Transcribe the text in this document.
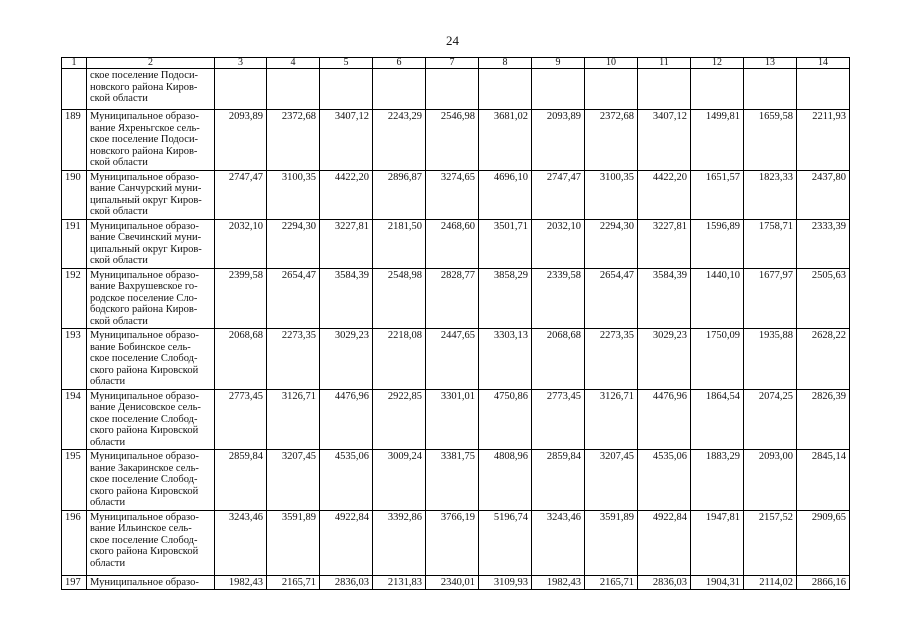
24
1	2	3	4	5	6	7	8	9	10	11	12	13	14

	ское поселение Подоси-
новского района Киров-
ской области												

189	Муниципальное образо-
вание Яхреньгское сель-
ское поселение Подоси-
новского района Киров-
ской области	2093,89	2372,68	3407,12	2243,29	2546,98	3681,02	2093,89	2372,68	3407,12	1499,81	1659,58	2211,93
190	Муниципальное образо-
вание Санчурский муни-
ципальный округ Киров-
ской области	2747,47	3100,35	4422,20	2896,87	3274,65	4696,10	2747,47	3100,35	4422,20	1651,57	1823,33	2437,80
191	Муниципальное образо-
вание Свечинский муни-
ципальный округ Киров-
ской области	2032,10	2294,30	3227,81	2181,50	2468,60	3501,71	2032,10	2294,30	3227,81	1596,89	1758,71	2333,39
192	Муниципальное образо-
вание Вахрушевское го-
родское поселение Сло-
бодского района Киров-
ской области	2399,58	2654,47	3584,39	2548,98	2828,77	3858,29	2339,58	2654,47	3584,39	1440,10	1677,97	2505,63
193	Муниципальное образо-
вание Бобинское сель-
ское поселение Слобод-
ского района Кировской
области	2068,68	2273,35	3029,23	2218,08	2447,65	3303,13	2068,68	2273,35	3029,23	1750,09	1935,88	2628,22
194	Муниципальное образо-
вание Денисовское сель-
ское поселение Слобод-
ского района Кировской
области	2773,45	3126,71	4476,96	2922,85	3301,01	4750,86	2773,45	3126,71	4476,96	1864,54	2074,25	2826,39
195	Муниципальное образо-
вание Закаринское сель-
ское поселение Слобод-
ского района Кировской
области	2859,84	3207,45	4535,06	3009,24	3381,75	4808,96	2859,84	3207,45	4535,06	1883,29	2093,00	2845,14
196	Муниципальное образо-
вание Ильинское сель-
ское поселение Слобод-
ского района Кировской
области	3243,46	3591,89	4922,84	3392,86	3766,19	5196,74	3243,46	3591,89	4922,84	1947,81	2157,52	2909,65
197	Муниципальное образо-	1982,43	2165,71	2836,03	2131,83	2340,01	3109,93	1982,43	2165,71	2836,03	1904,31	2114,02	2866,16
